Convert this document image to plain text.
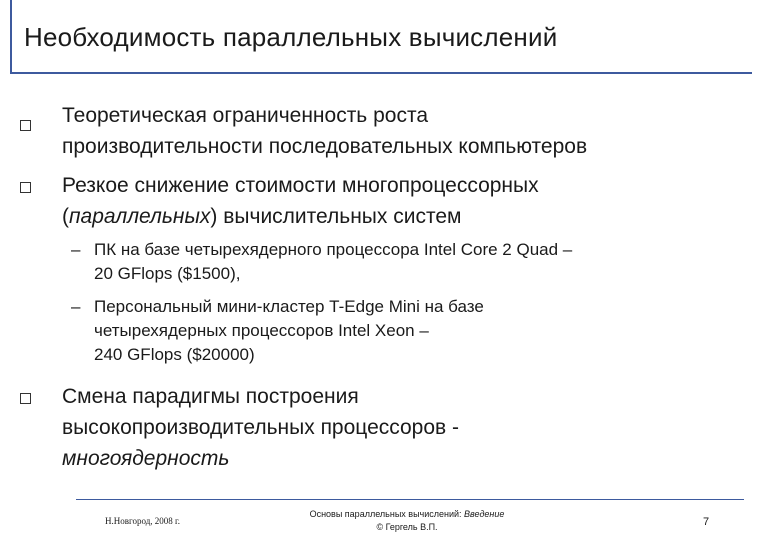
Необходимость параллельных вычислений
Теоретическая ограниченность роста
производительности последовательных компьютеров
Резкое снижение стоимости многопроцессорных
(параллельных) вычислительных систем
– ПК на базе четырехядерного процессора Intel Core 2 Quad –
20 GFlops ($1500),
– Персональный мини-кластер T-Edge Mini на базе
четырехядерных процессоров Intel Xeon –
240 GFlops ($20000)
Смена парадигмы построения
высокопроизводительных процессоров -
многоядерность
Н.Новгород, 2008 г.
Основы параллельных вычислений: Введение
© Гергель В.П.	7
